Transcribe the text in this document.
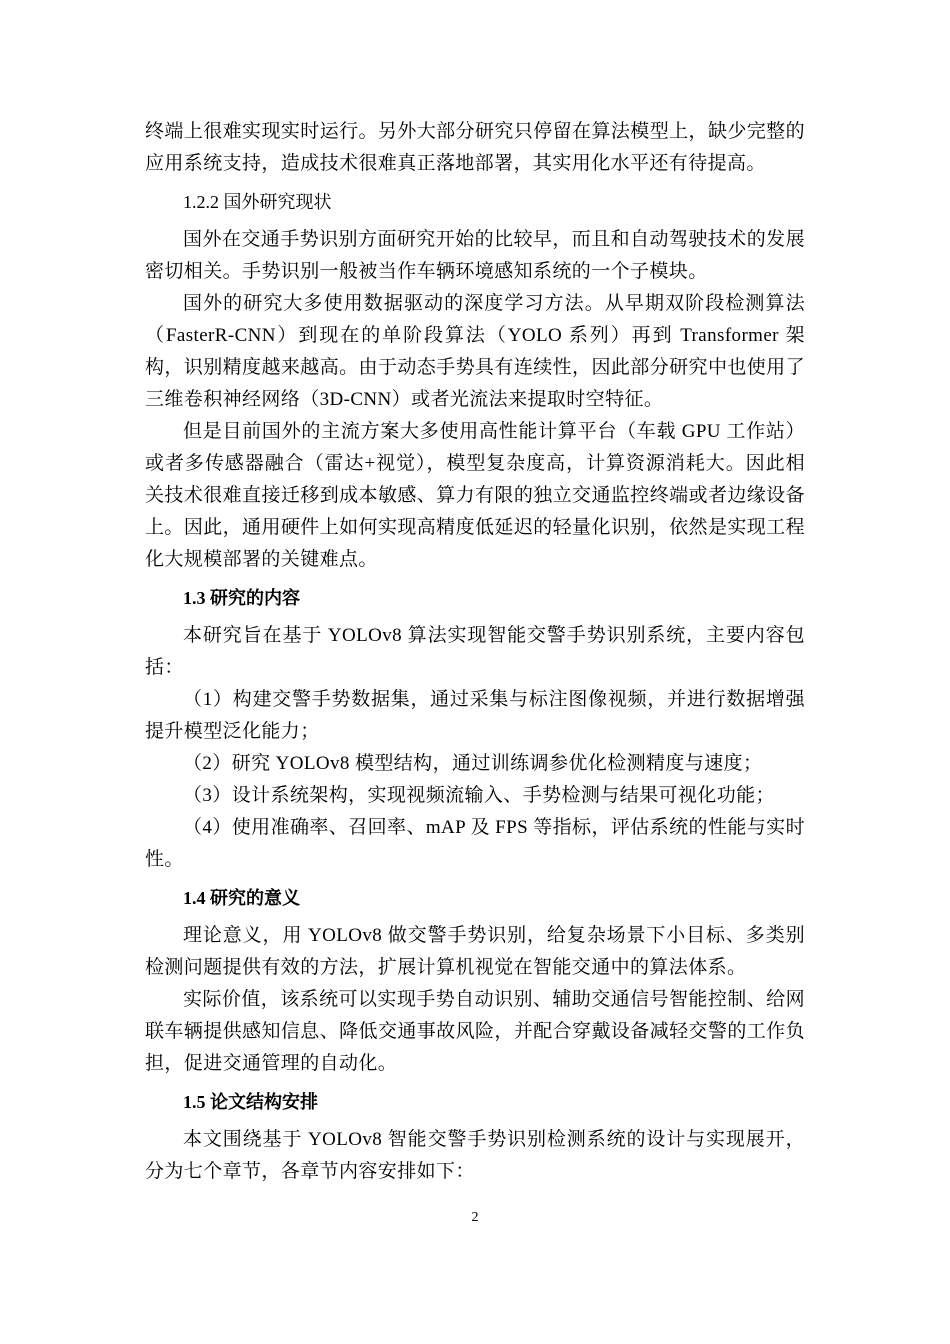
终端上很难实现实时运行。另外大部分研究只停留在算法模型上，缺少完整的应用系统支持，造成技术很难真正落地部署，其实用化水平还有待提高。

1.2.2 国外研究现状

国外在交通手势识别方面研究开始的比较早，而且和自动驾驶技术的发展密切相关。手势识别一般被当作车辆环境感知系统的一个子模块。

国外的研究大多使用数据驱动的深度学习方法。从早期双阶段检测算法（FasterR-CNN）到现在的单阶段算法（YOLO 系列）再到 Transformer 架构，识别精度越来越高。由于动态手势具有连续性，因此部分研究中也使用了三维卷积神经网络（3D-CNN）或者光流法来提取时空特征。

但是目前国外的主流方案大多使用高性能计算平台（车载 GPU 工作站）或者多传感器融合（雷达+视觉），模型复杂度高，计算资源消耗大。因此相关技术很难直接迁移到成本敏感、算力有限的独立交通监控终端或者边缘设备上。因此，通用硬件上如何实现高精度低延迟的轻量化识别，依然是实现工程化大规模部署的关键难点。

1.3 研究的内容

本研究旨在基于 YOLOv8 算法实现智能交警手势识别系统，主要内容包括：

（1）构建交警手势数据集，通过采集与标注图像视频，并进行数据增强提升模型泛化能力；

（2）研究 YOLOv8 模型结构，通过训练调参优化检测精度与速度；

（3）设计系统架构，实现视频流输入、手势检测与结果可视化功能；

（4）使用准确率、召回率、mAP 及 FPS 等指标，评估系统的性能与实时性。

1.4 研究的意义

理论意义，用 YOLOv8 做交警手势识别，给复杂场景下小目标、多类别检测问题提供有效的方法，扩展计算机视觉在智能交通中的算法体系。

实际价值，该系统可以实现手势自动识别、辅助交通信号智能控制、给网联车辆提供感知信息、降低交通事故风险，并配合穿戴设备减轻交警的工作负担，促进交通管理的自动化。

1.5 论文结构安排

本文围绕基于 YOLOv8 智能交警手势识别检测系统的设计与实现展开，分为七个章节，各章节内容安排如下：

2
